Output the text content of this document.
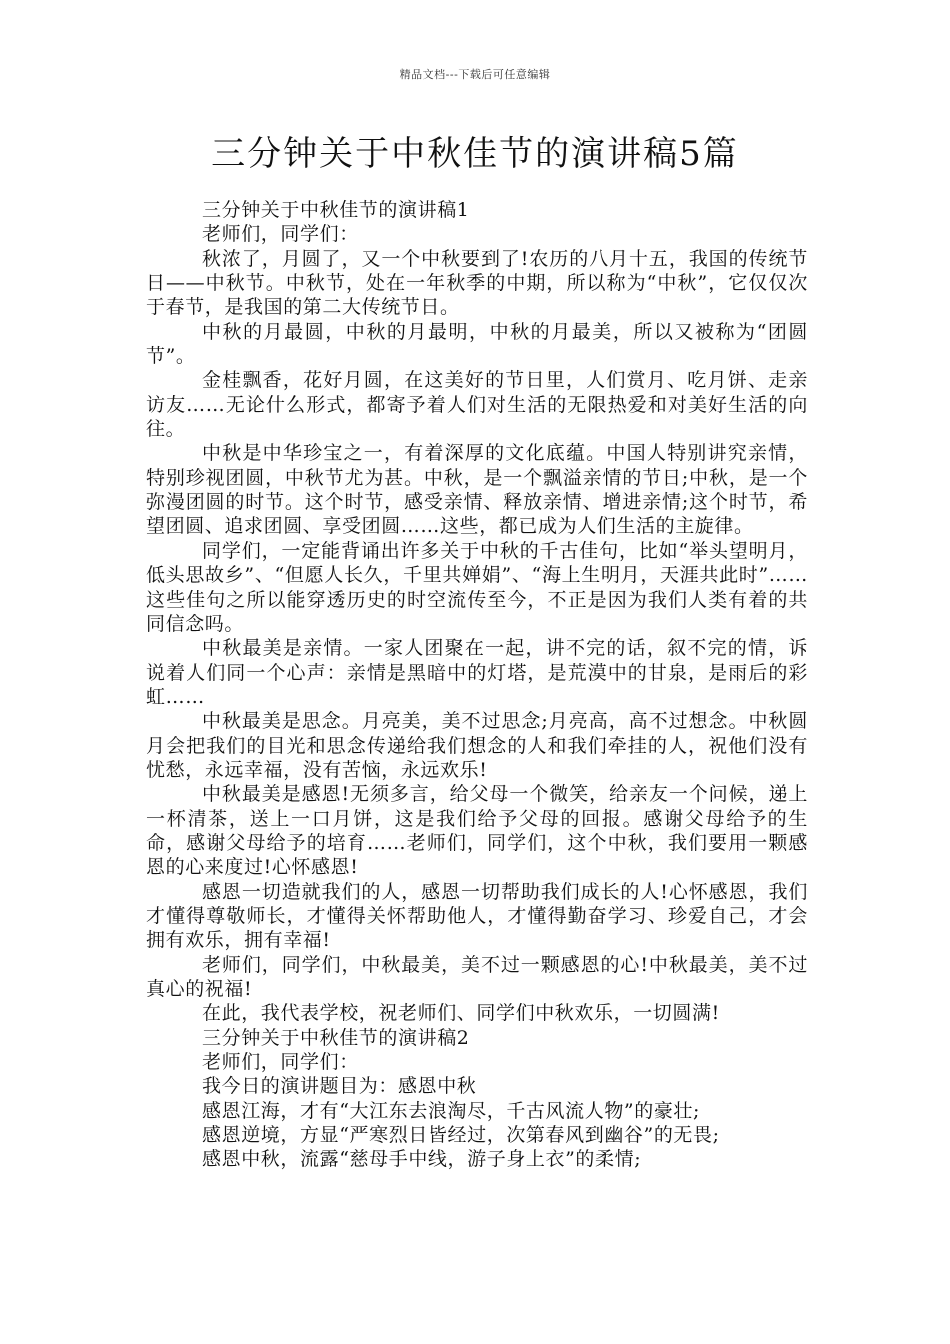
精品文档---下载后可任意编辑
三分钟关于中秋佳节的演讲稿5篇

三分钟关于中秋佳节的演讲稿1

老师们，同学们：

秋浓了，月圆了，又一个中秋要到了!农历的八月十五，我国的传统节日——中秋节。中秋节，处在一年秋季的中期，所以称为“中秋”，它仅仅次于春节，是我国的第二大传统节日。

中秋的月最圆，中秋的月最明，中秋的月最美，所以又被称为“团圆节”。

金桂飘香，花好月圆，在这美好的节日里，人们赏月、吃月饼、走亲访友……无论什么形式，都寄予着人们对生活的无限热爱和对美好生活的向往。

中秋是中华珍宝之一，有着深厚的文化底蕴。中国人特别讲究亲情，特别珍视团圆，中秋节尤为甚。中秋，是一个飘溢亲情的节日;中秋，是一个弥漫团圆的时节。这个时节，感受亲情、释放亲情、增进亲情;这个时节，希望团圆、追求团圆、享受团圆……这些，都已成为人们生活的主旋律。

同学们，一定能背诵出许多关于中秋的千古佳句，比如“举头望明月，低头思故乡”、“但愿人长久，千里共婵娟”、“海上生明月，天涯共此时”……这些佳句之所以能穿透历史的时空流传至今，不正是因为我们人类有着的共同信念吗。

中秋最美是亲情。一家人团聚在一起，讲不完的话，叙不完的情，诉说着人们同一个心声：亲情是黑暗中的灯塔，是荒漠中的甘泉，是雨后的彩虹……

中秋最美是思念。月亮美，美不过思念;月亮高，高不过想念。中秋圆月会把我们的目光和思念传递给我们想念的人和我们牵挂的人，祝他们没有忧愁，永远幸福，没有苦恼，永远欢乐!

中秋最美是感恩!无须多言，给父母一个微笑，给亲友一个问候，递上一杯清茶，送上一口月饼，这是我们给予父母的回报。感谢父母给予的生命，感谢父母给予的培育……老师们，同学们，这个中秋，我们要用一颗感恩的心来度过!心怀感恩!

感恩一切造就我们的人，感恩一切帮助我们成长的人!心怀感恩，我们才懂得尊敬师长，才懂得关怀帮助他人，才懂得勤奋学习、珍爱自己，才会拥有欢乐，拥有幸福!

老师们，同学们，中秋最美，美不过一颗感恩的心!中秋最美，美不过真心的祝福!

在此，我代表学校，祝老师们、同学们中秋欢乐，一切圆满!

三分钟关于中秋佳节的演讲稿2

老师们，同学们：

我今日的演讲题目为：感恩中秋

感恩江海，才有“大江东去浪淘尽，千古风流人物”的豪壮;

感恩逆境，方显“严寒烈日皆经过，次第春风到幽谷”的无畏;

感恩中秋，流露“慈母手中线，游子身上衣”的柔情;
